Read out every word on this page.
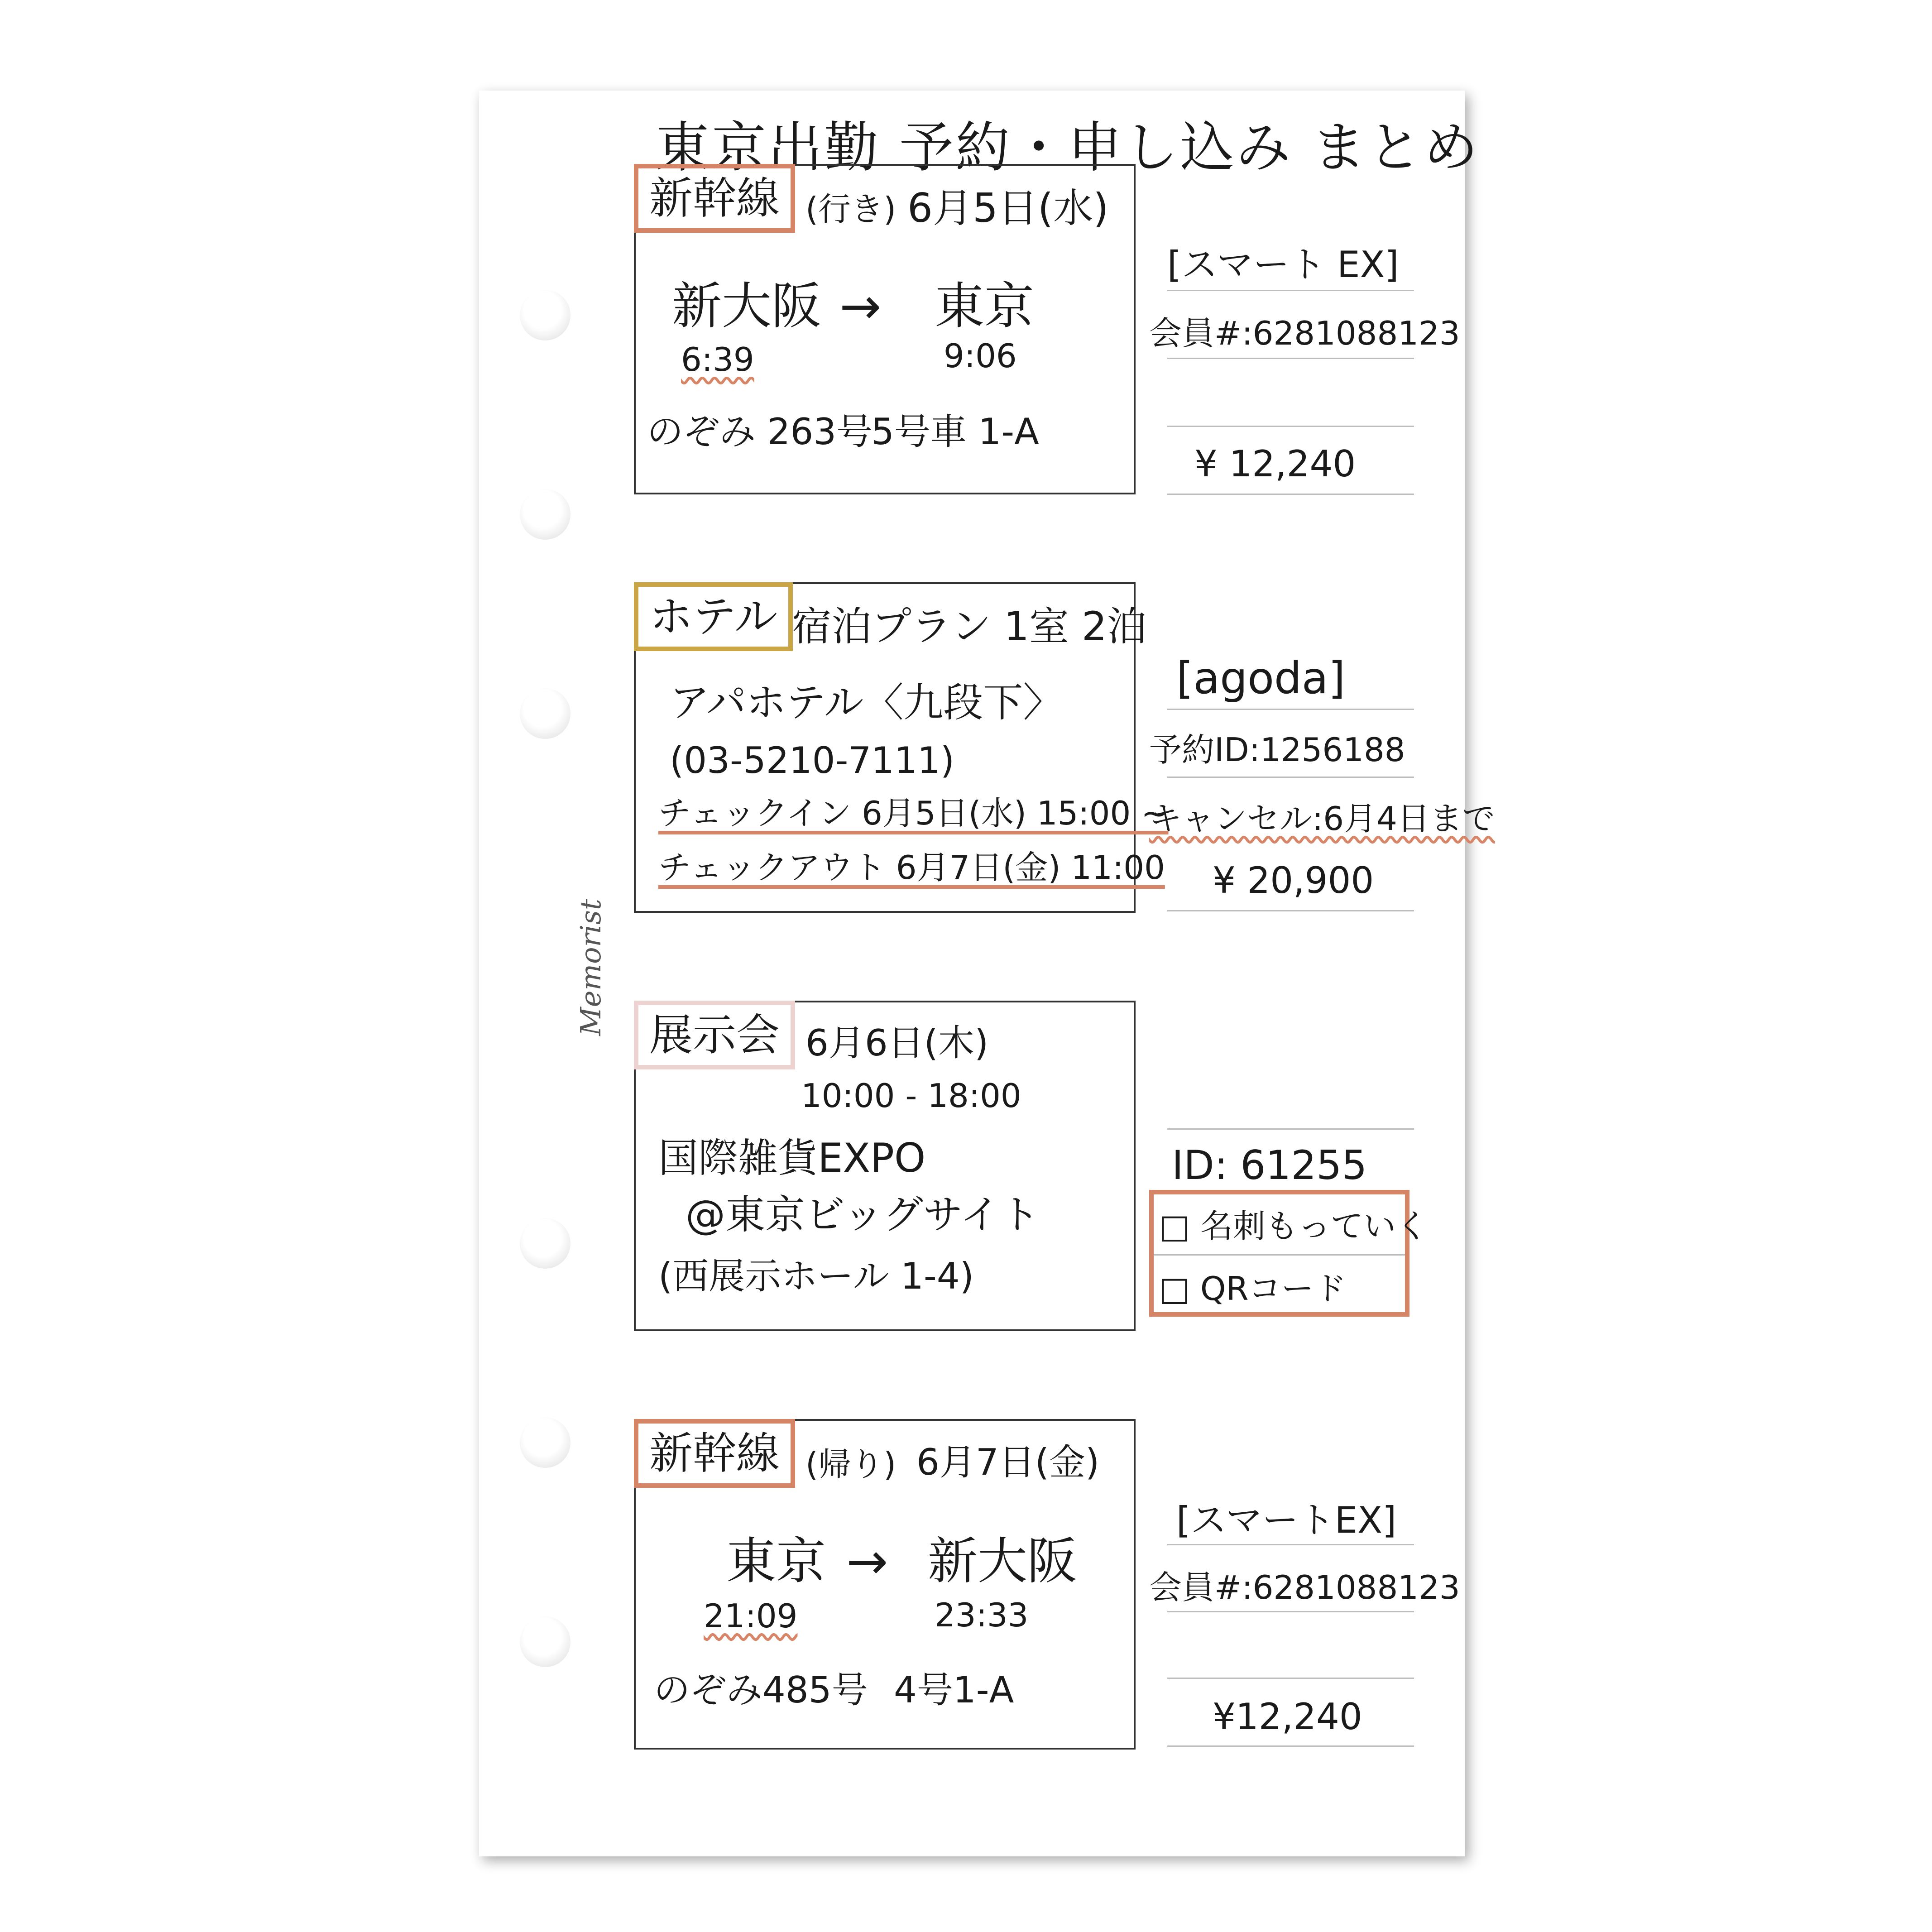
Memorist
東京出勤 予約・申し込み まとめ
新幹線 (行き) 6月5日(水)
新大阪 → 東京
6:39	9:06
のぞみ 263号
5号車 1-A
[スマート EX]
会員#:6281088123
¥ 12,240
ホテル 宿泊プラン 1室 2泊
アパホテル〈九段下〉
(03-5210-7111)
チェックイン 6月5日(水) 15:00 ~
チェックアウト 6月7日(金) 11:00
[agoda]
予約ID:1256188
キャンセル:6月4日まで
¥ 20,900
展示会 6月6日(木)
10:00 - 18:00
国際雑貨EXPO
@東京ビッグサイト
(西展示ホール 1-4)
ID: 61255
□ 名刺もっていく
□ QRコード
新幹線 (帰り) 6月7日(金)
東京 → 新大阪
21:09	23:33
のぞみ485号 4号1-A
[スマートEX]
会員#:6281088123
¥12,240
